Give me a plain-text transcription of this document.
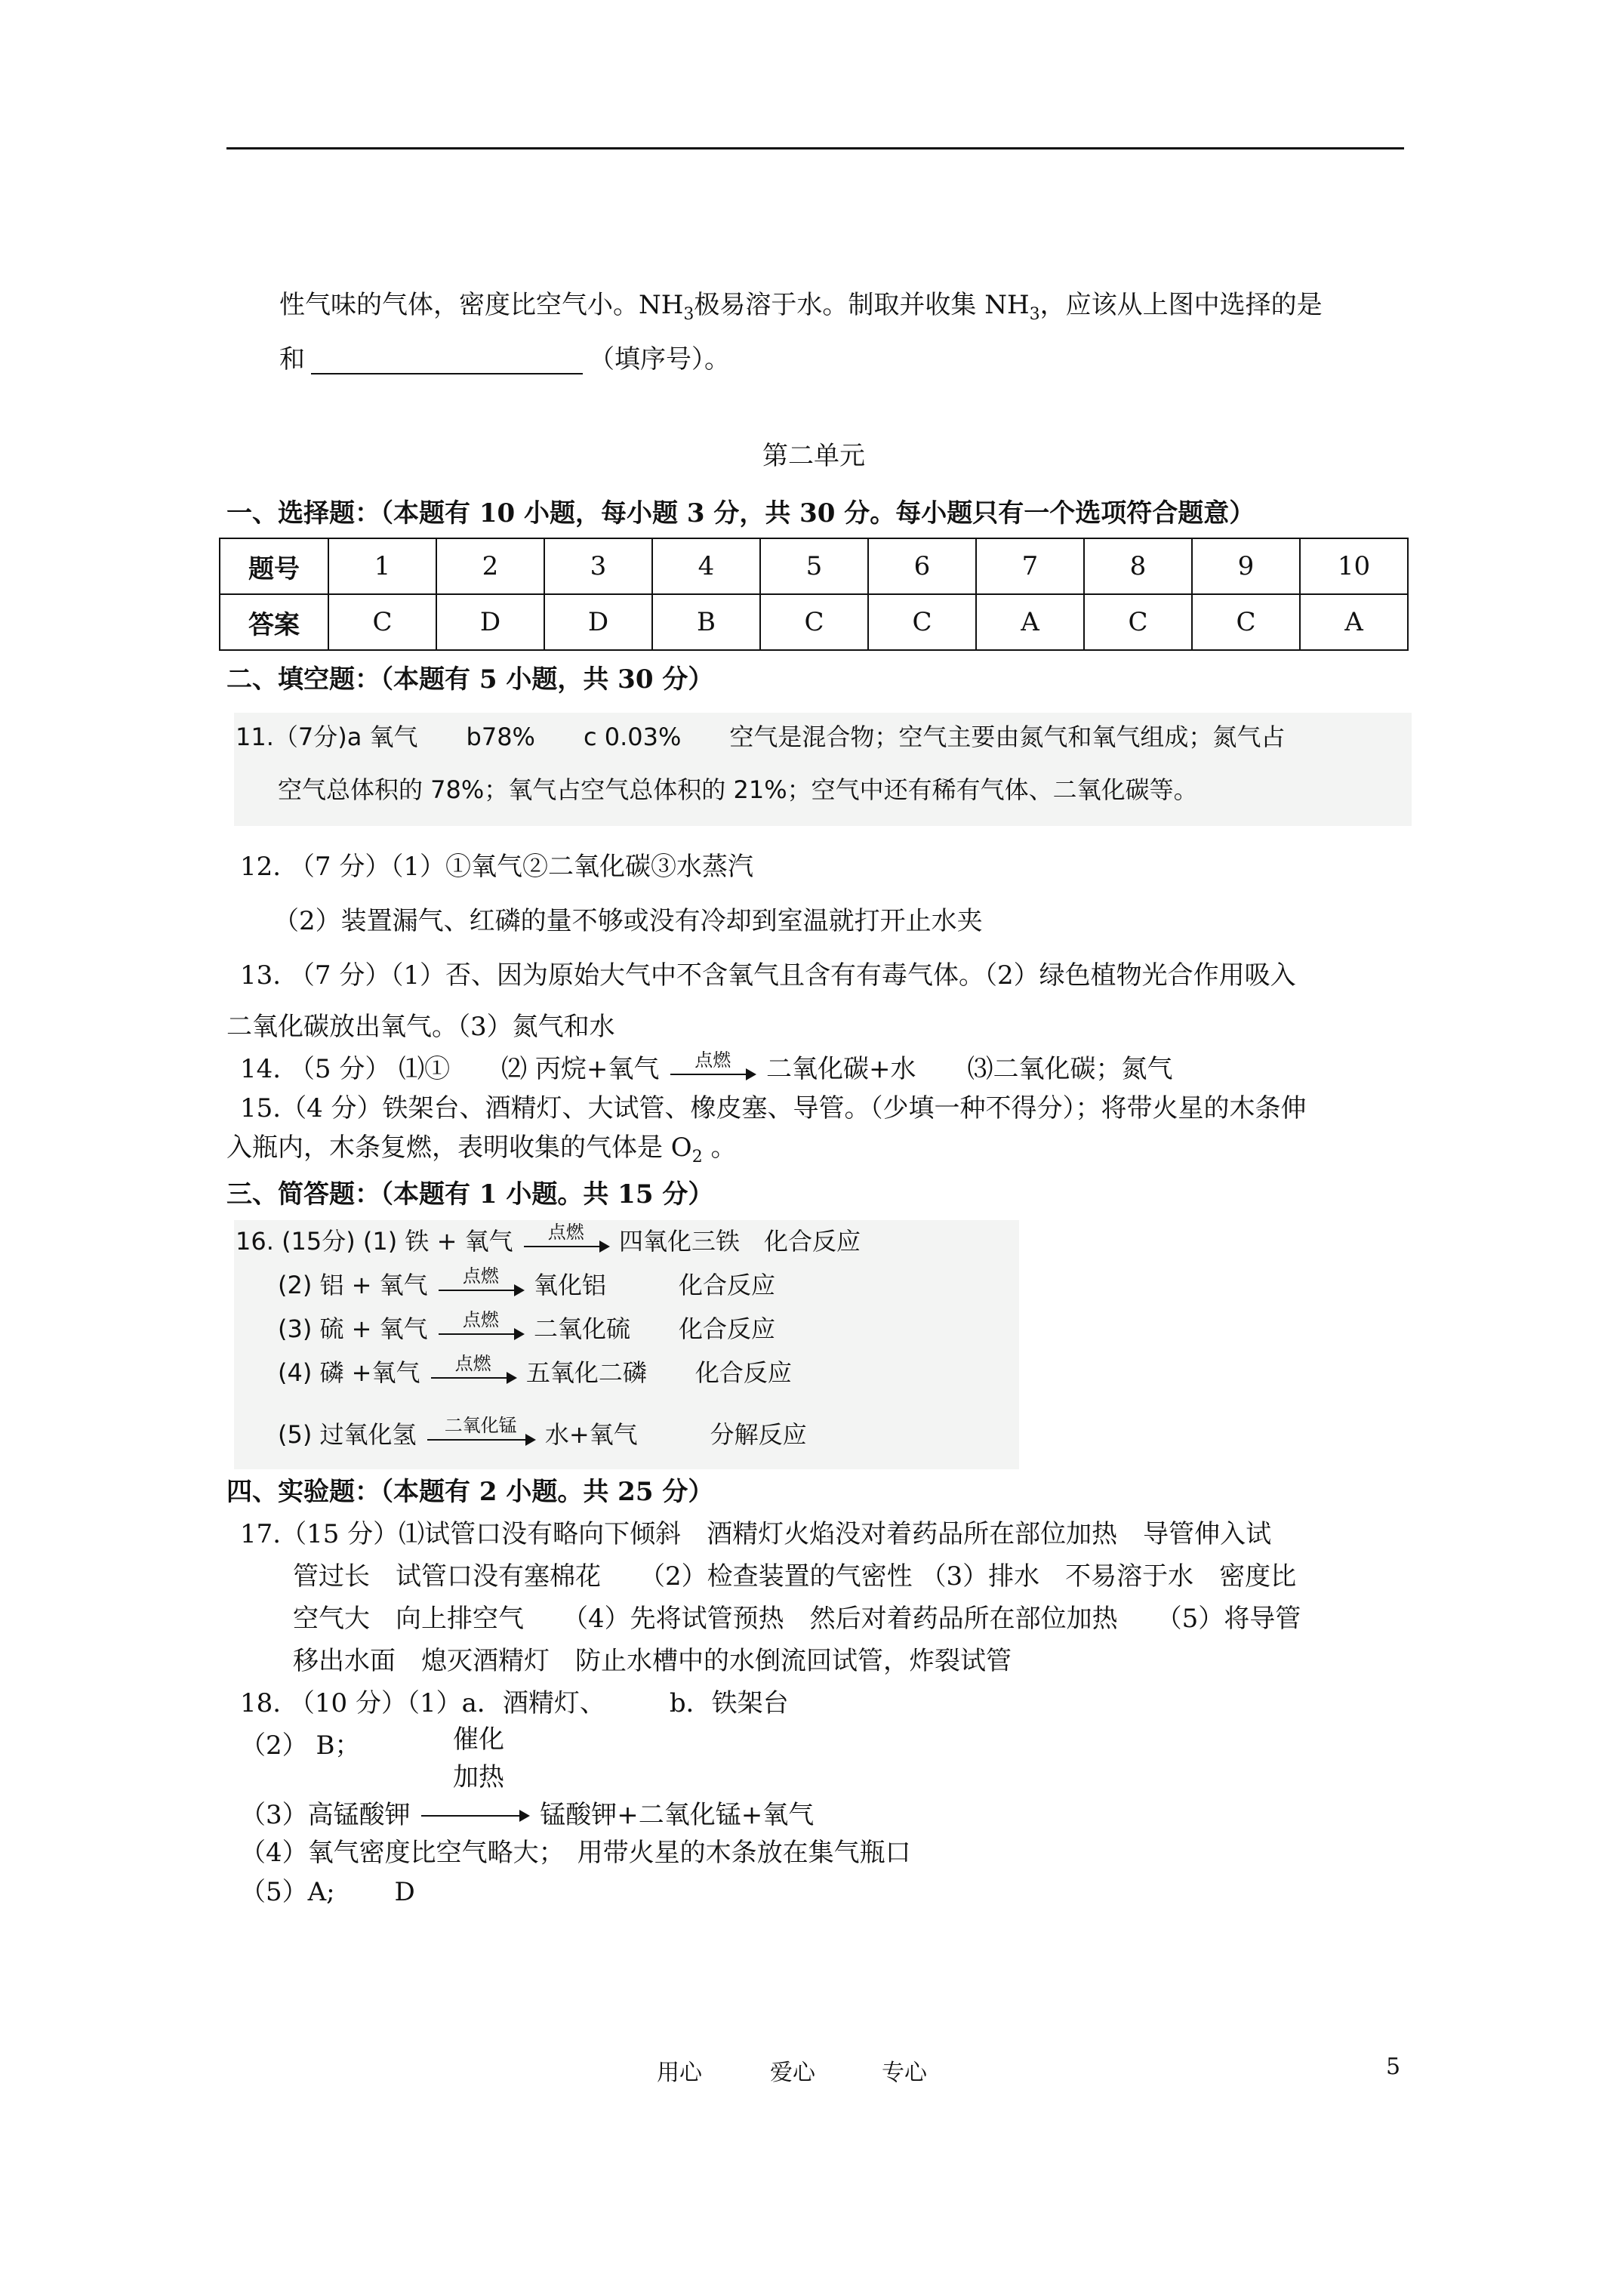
性气味的气体，密度比空气小。$NH_3$极易溶于水。制取并收集 $NH_3$，应该从上图中选择的是
和	（填序号）。
第二单元
一、选择题：（本题有 10 小题，每小题 3 分，共 30 分。每小题只有一个选项符合题意）
题号	1	2	3	4	5	6	7	8	9	10
答案	C	D	D	B	C	C	A	C	C	A
二、填空题：（本题有 5 小题，共 30 分）
11.（7分)a 氧气　　b78%　　c 0.03%　　空气是混合物；空气主要由氮气和氧气组成；氮气占
空气总体积的 78%；氧气占空气总体积的 21%；空气中还有稀有气体、二氧化碳等。
12. （7 分）（1）①氧气②二氧化碳③水蒸汽
（2）装置漏气、红磷的量不够或没有冷却到室温就打开止水夹
13. （7 分）（1）否、因为原始大气中不含氧气且含有有毒气体。（2）绿色植物光合作用吸入
二氧化碳放出氧气。（3）氮气和水
14. （5 分） ⑴①　　⑵ 丙烷+氧气	点燃	二氧化碳+水　　⑶二氧化碳；氮气
15.（4 分）铁架台、酒精灯、大试管、橡皮塞、导管。（少填一种不得分）；将带火星的木条伸
入瓶内，木条复燃，表明收集的气体是 $O_2$ 。
三、简答题：（本题有 1 小题。共 15 分）
16. (15分) (1) 铁 + 氧气	点燃	四氧化三铁　化合反应
(2) 铝 + 氧气	点燃	氧化铝　　　化合反应
(3) 硫 + 氧气	点燃	二氧化硫　　化合反应
(4) 磷 +氧气	点燃	五氧化二磷　　化合反应
(5) 过氧化氢	二氧化锰	水+氧气　　　分解反应
四、实验题：（本题有 2 小题。共 25 分）
17.（15 分）⑴试管口没有略向下倾斜　酒精灯火焰没对着药品所在部位加热　导管伸入试
管过长　试管口没有塞棉花　　（2）检查装置的气密性 （3）排水　不易溶于水　密度比
空气大　向上排空气　　（4）先将试管预热　然后对着药品所在部位加热　　（5）将导管
移出水面　熄灭酒精灯　防止水槽中的水倒流回试管，炸裂试管
18. （10 分）（1）a．酒精灯、　　　b．铁架台
（2） B；	催化
加热
（3）高锰酸钾	锰酸钾+二氧化锰+氧气
（4）氧气密度比空气略大；　用带火星的木条放在集气瓶口
（5）A;　　 D
用心	爱心	专心	5
